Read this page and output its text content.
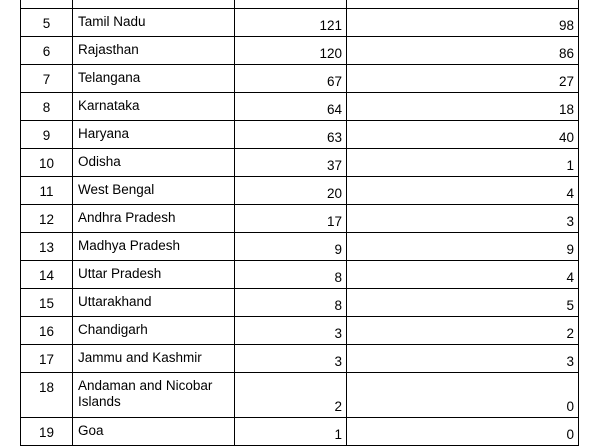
5	Tamil Nadu	121	98
6	Rajasthan	120	86
7	Telangana	67	27
8	Karnataka	64	18
9	Haryana	63	40
10	Odisha	37	1
11	West Bengal	20	4
12	Andhra Pradesh	17	3
13	Madhya Pradesh	9	9
14	Uttar Pradesh	8	4
15	Uttarakhand	8	5
16	Chandigarh	3	2
17	Jammu and Kashmir	3	3
18	Andaman and Nicobar Islands	2	0
19	Goa	1	0
